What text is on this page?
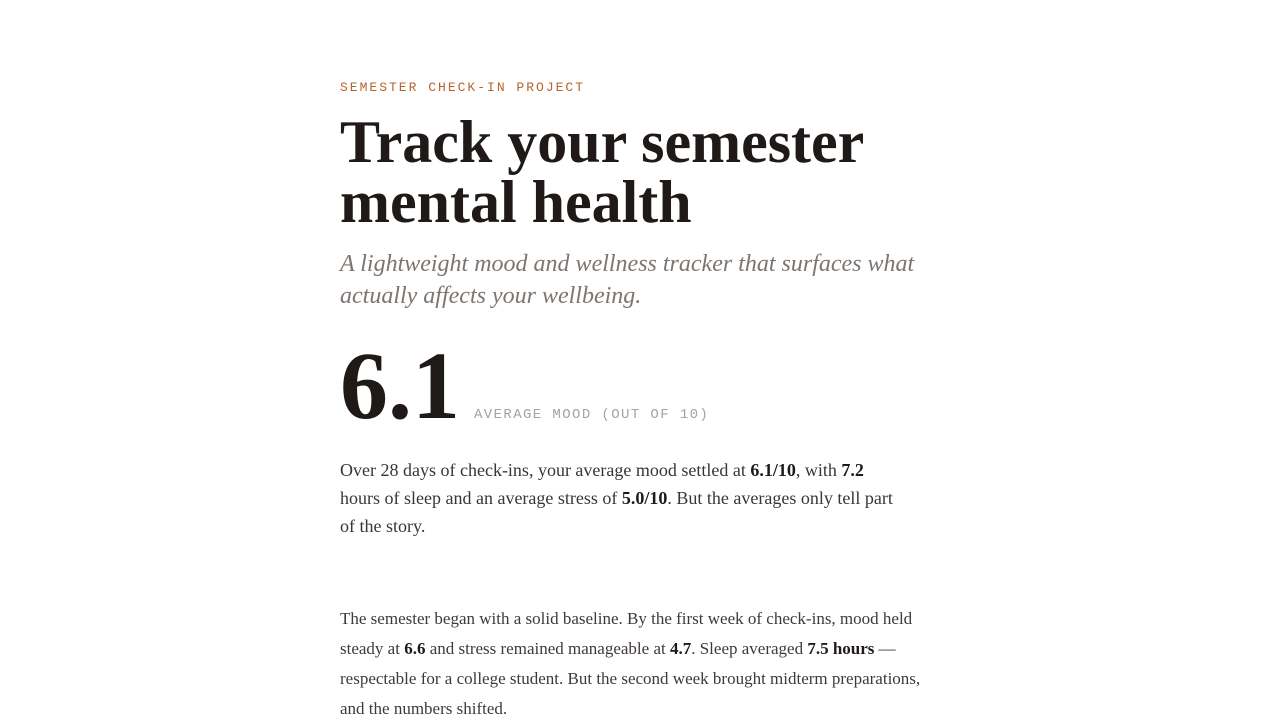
SEMESTER CHECK-IN PROJECT
Track your semester mental health

A lightweight mood and wellness tracker that surfaces what actually affects your wellbeing.

6.1 AVERAGE MOOD (OUT OF 10)

Over 28 days of check-ins, your average mood settled at 6.1/10, with 7.2 hours of sleep and an average stress of 5.0/10. But the averages only tell part of the story.

The semester began with a solid baseline. By the first week of check-ins, mood held steady at 6.6 and stress remained manageable at 4.7. Sleep averaged 7.5 hours — respectable for a college student. But the second week brought midterm preparations, and the numbers shifted.
